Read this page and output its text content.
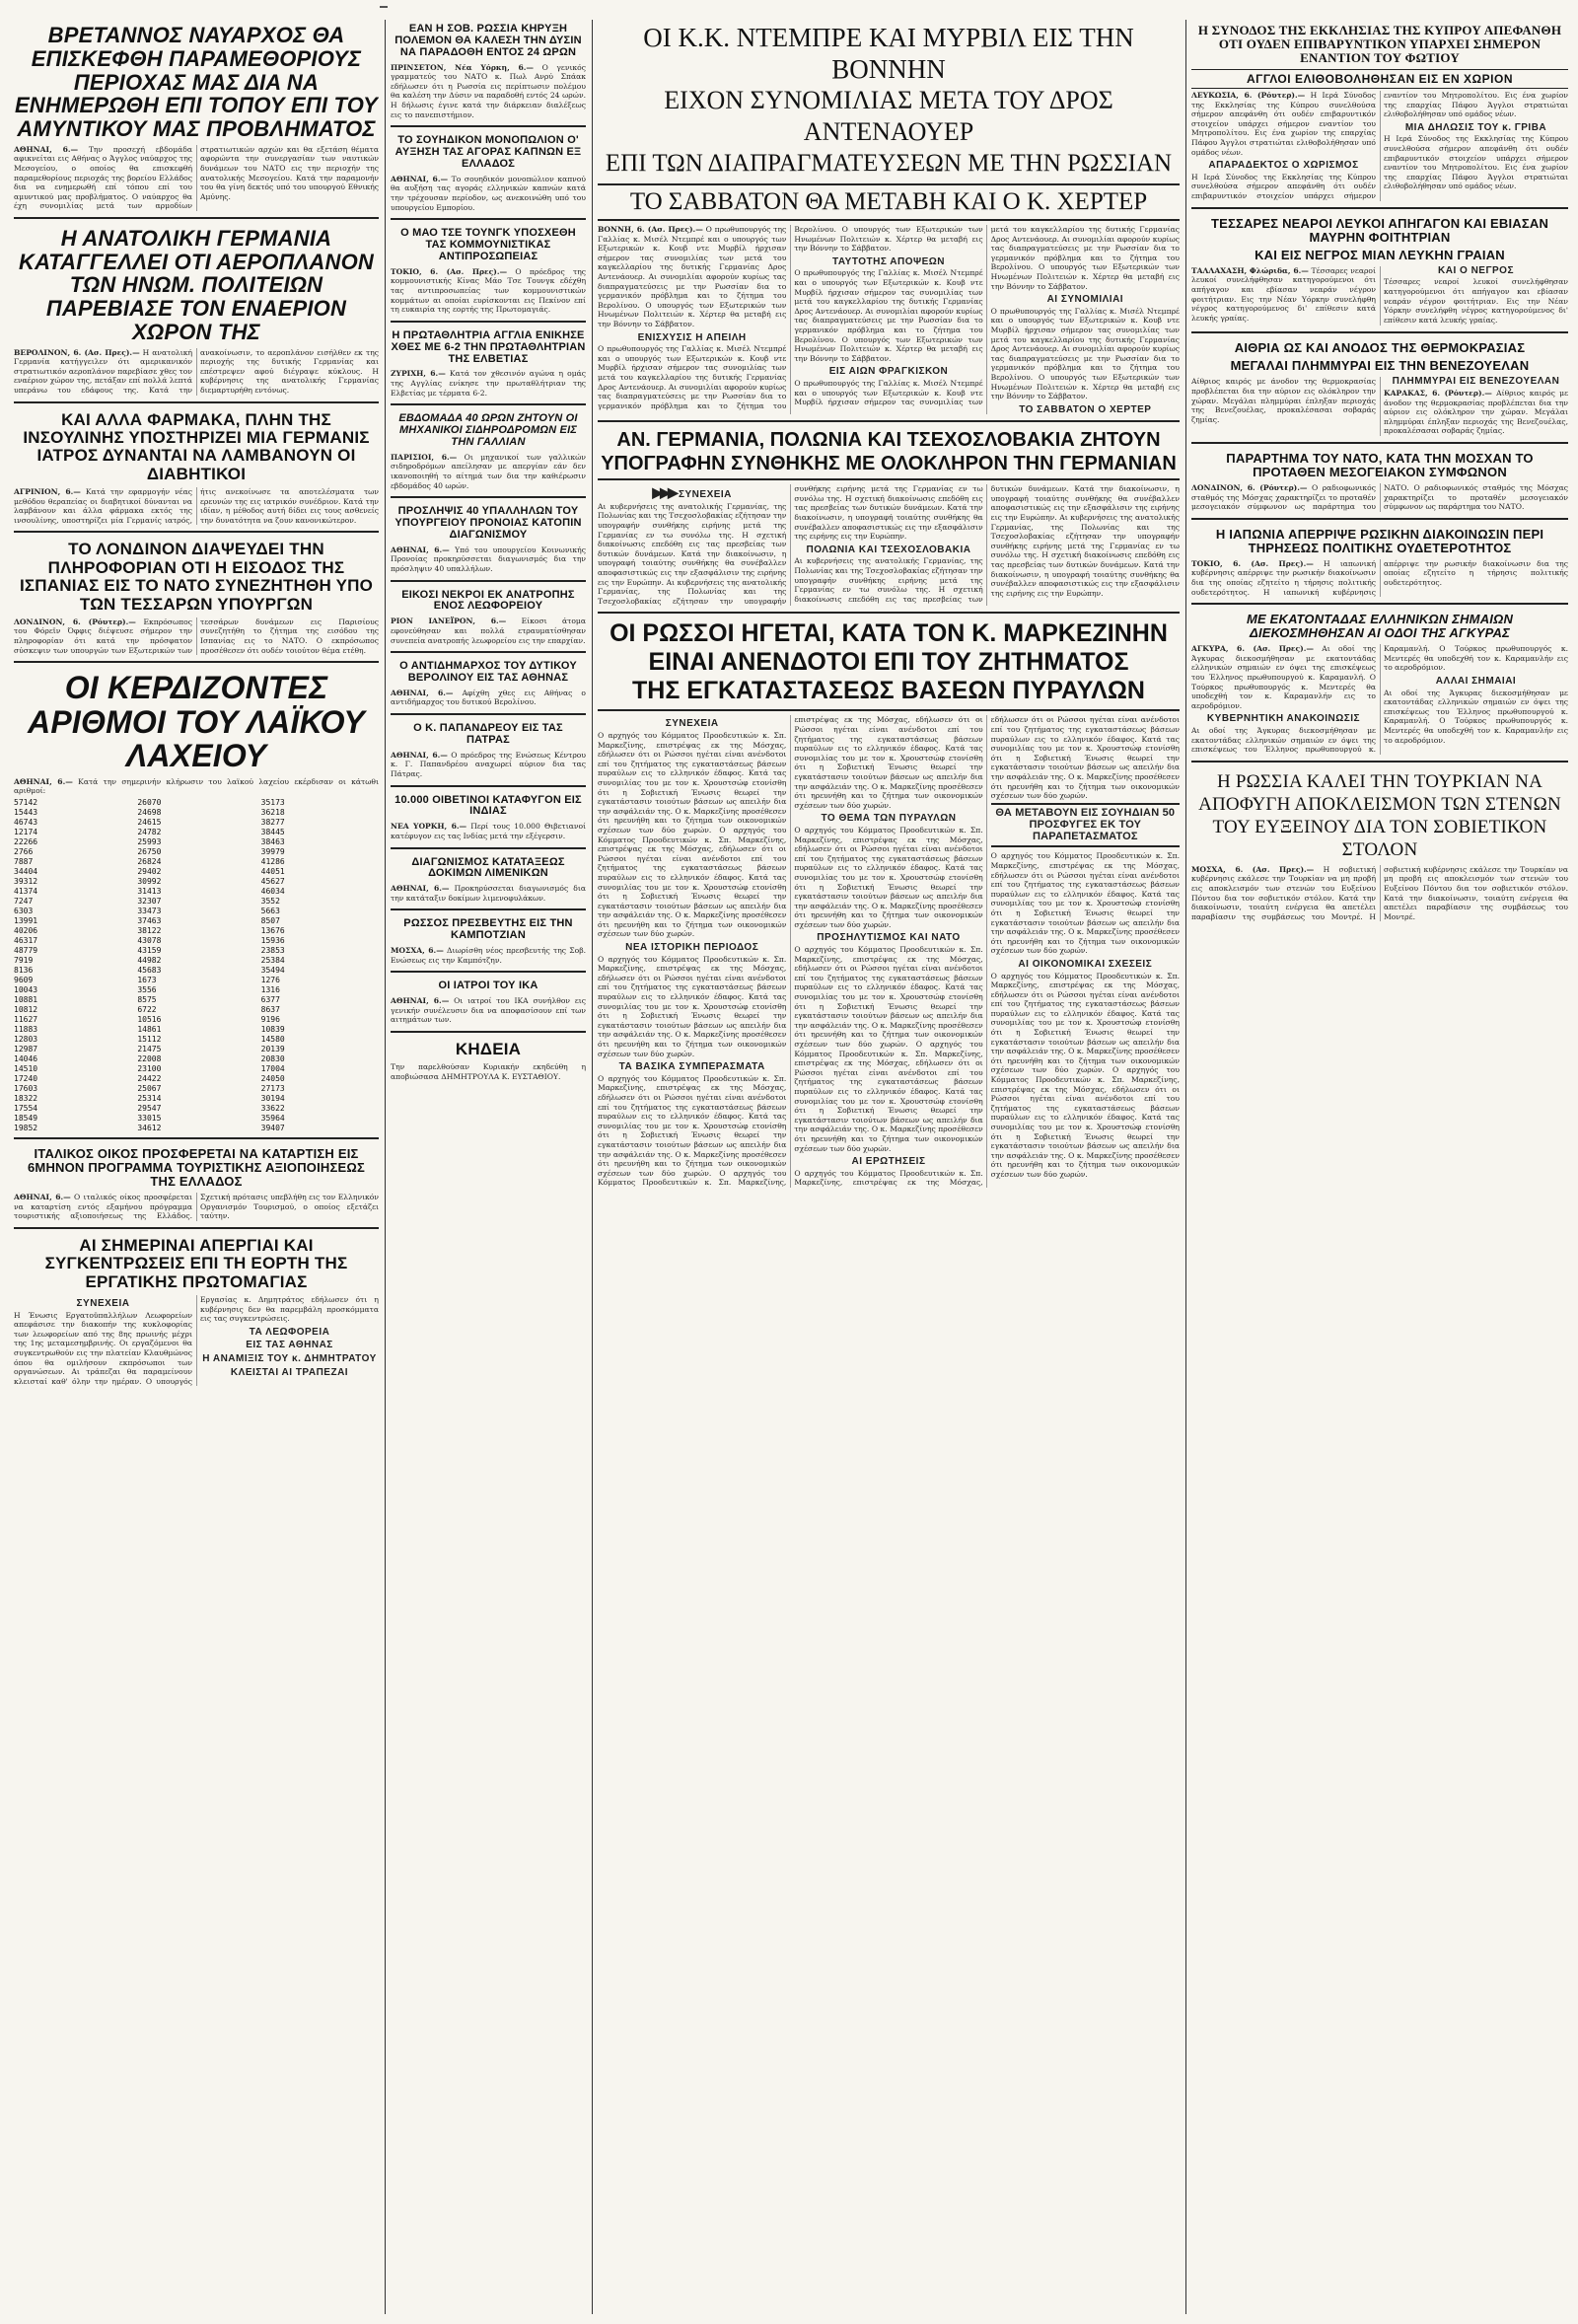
ΒΡΕΤΑΝΝΟΣ ΝΑΥΑΡΧΟΣ ΘΑ ΕΠΙΣΚΕΦΘΗ ΠΑΡΑΜΕΘΟΡΙΟΥΣ ΠΕΡΙΟΧΑΣ ΜΑΣ ΔΙΑ ΝΑ ΕΝΗΜΕΡΩΘΗ ΕΠΙ ΤΟΠΟΥ ΕΠΙ ΤΟΥ ΑΜΥΝΤΙΚΟΥ ΜΑΣ ΠΡΟΒΛΗΜΑΤΟΣ
ΑΘΗΝΑΙ, 6.— Την προσεχή εβδομάδα αφικνείται εις Αθήνας ο Άγγλος ναύαρχος της Μεσογείου, ο οποίος θα επισκεφθή παραμεθορίους περιοχάς της βορείου Ελλάδος δια να ενημερωθή επί τόπου επί του αμυντικού μας προβλήματος. Ο ναύαρχος θα έχη συνομιλίας μετά των αρμοδίων στρατιωτικών αρχών και θα εξετάση θέματα αφορώντα την συνεργασίαν των ναυτικών δυνάμεων του ΝΑΤΟ εις την περιοχήν της ανατολικής Μεσογείου. Κατά την παραμονήν του θα γίνη δεκτός υπό του υπουργού Εθνικής Αμύνης.
Η ΑΝΑΤΟΛΙΚΗ ΓΕΡΜΑΝΙΑ ΚΑΤΑΓΓΕΛΛΕΙ ΟΤΙ ΑΕΡΟΠΛΑΝΟΝ ΤΩΝ ΗΝΩΜ. ΠΟΛΙΤΕΙΩΝ ΠΑΡΕΒΙΑΣΕ ΤΟΝ ΕΝΑΕΡΙΟΝ ΧΩΡΟΝ ΤΗΣ
ΒΕΡΟΛΙΝΟΝ, 6. (Ασ. Πρες).— Η ανατολική Γερμανία κατήγγειλεν ότι αμερικανικόν στρατιωτικόν αεροπλάνον παρεβίασε χθες τον εναέριον χώρον της, πετάξαν επί πολλά λεπτά υπεράνω του εδάφους της. Κατά την ανακοίνωσιν, το αεροπλάνον εισήλθεν εκ της περιοχής της δυτικής Γερμανίας και επέστρεψεν αφού διέγραψε κύκλους. Η κυβέρνησις της ανατολικής Γερμανίας διεμαρτυρήθη εντόνως.
ΚΑΙ ΑΛΛΑ ΦΑΡΜΑΚΑ, ΠΛΗΝ ΤΗΣ ΙΝΣΟΥΛΙΝΗΣ ΥΠΟΣΤΗΡΙΖΕΙ ΜΙΑ ΓΕΡΜΑΝΙΣ ΙΑΤΡΟΣ ΔΥΝΑΝΤΑΙ ΝΑ ΛΑΜΒΑΝΟΥΝ ΟΙ ΔΙΑΒΗΤΙΚΟΙ
ΑΓΡΙΝΙΟΝ, 6.— Κατά την εφαρμογήν νέας μεθόδου θεραπείας οι διαβητικοί δύνανται να λαμβάνουν και άλλα φάρμακα εκτός της ινσουλίνης, υποστηρίζει μία Γερμανίς ιατρός, ήτις ανεκοίνωσε τα αποτελέσματα των ερευνών της εις ιατρικόν συνέδριον. Κατά την ιδίαν, η μέθοδος αυτή δίδει εις τους ασθενείς την δυνατότητα να ζουν κανονικώτερον.
ΤΟ ΛΟΝΔΙΝΟΝ ΔΙΑΨΕΥΔΕΙ ΤΗΝ ΠΛΗΡΟΦΟΡΙΑΝ ΟΤΙ Η ΕΙΣΟΔΟΣ ΤΗΣ ΙΣΠΑΝΙΑΣ ΕΙΣ ΤΟ ΝΑΤΟ ΣΥΝΕΖΗΤΗΘΗ ΥΠΟ ΤΩΝ ΤΕΣΣΑΡΩΝ ΥΠΟΥΡΓΩΝ
ΛΟΝΔΙΝΟΝ, 6. (Ρόυτερ).— Εκπρόσωπος του Φόρεϊν Όφφις διέψευσε σήμερον την πληροφορίαν ότι κατά την πρόσφατον σύσκεψιν των υπουργών των Εξωτερικών των τεσσάρων δυνάμεων εις Παρισίους συνεζητήθη το ζήτημα της εισόδου της Ισπανίας εις το ΝΑΤΟ. Ο εκπρόσωπος προσέθεσεν ότι ουδέν τοιούτον θέμα ετέθη.
ΟΙ ΚΕΡΔΙΖΟΝΤΕΣ ΑΡΙΘΜΟΙ ΤΟΥ ΛΑΪΚΟΥ ΛΑΧΕΙΟΥ
ΑΘΗΝΑΙ, 6.— Κατά την σημερινήν κλήρωσιν του λαϊκού λαχείου εκέρδισαν οι κάτωθι αριθμοί:
57142
15443
46743
12174
22266
2766
7887
34404
39312
41374
7247
6303
13991
40206
46317
48779
7919
8136
9609
10043
10881
10812
11627
11883
12803
12987
14046
14510
17240
17603
18322
17554
18549
19852
26070
24698
24615
24782
25993
26750
26824
29402
30992
31413
32307
33473
37463
38122
43078
43159
44982
45683
1673
3556
8575
6722
10516
14861
15112
21475
22008
23100
24422
25067
25314
29547
33015
34612
35173
36218
38277
38445
38463
39979
41286
44051
45627
46034
3552
5663
8507
13676
15936
23853
25384
35494
1276
1316
6377
8637
9196
10839
14580
20139
20830
17004
24050
27173
30194
33622
35964
39407
ΙΤΑΛΙΚΟΣ ΟΙΚΟΣ ΠΡΟΣΦΕΡΕΤΑΙ ΝΑ ΚΑΤΑΡΤΙΣΗ ΕΙΣ 6ΜΗΝΟΝ ΠΡΟΓΡΑΜΜΑ ΤΟΥΡΙΣΤΙΚΗΣ ΑΞΙΟΠΟΙΗΣΕΩΣ ΤΗΣ ΕΛΛΑΔΟΣ
ΑΘΗΝΑΙ, 6.— Ο ιταλικός οίκος προσφέρεται να καταρτίση εντός εξαμήνου πρόγραμμα τουριστικής αξιοποιήσεως της Ελλάδος. Σχετική πρότασις υπεβλήθη εις τον Ελληνικόν Οργανισμόν Τουρισμού, ο οποίος εξετάζει ταύτην.
ΑΙ ΣΗΜΕΡΙΝΑΙ ΑΠΕΡΓΙΑΙ ΚΑΙ ΣΥΓΚΕΝΤΡΩΣΕΙΣ ΕΠΙ ΤΗ ΕΟΡΤΗ ΤΗΣ ΕΡΓΑΤΙΚΗΣ ΠΡΩΤΟΜΑΓΙΑΣ
ΣΥΝΕΧΕΙΑ
Η Ένωσις Εργατοϋπαλλήλων Λεωφορείων απεφάσισε την διακοπήν της κυκλοφορίας των λεωφορείων από της 8ης πρωινής μέχρι της 1ης μεταμεσημβρινής. Οι εργαζόμενοι θα συγκεντρωθούν εις την πλατείαν Κλαυθμώνος όπου θα ομιλήσουν εκπρόσωποι των οργανώσεων. Αι τράπεζαι θα παραμείνουν κλεισταί καθ' όλην την ημέραν. Ο υπουργός Εργασίας κ. Δημητράτος εδήλωσεν ότι η κυβέρνησις δεν θα παρεμβάλη προσκόμματα εις τας συγκεντρώσεις.
ΤΑ ΛΕΩΦΟΡΕΙΑ
ΕΙΣ ΤΑΣ ΑΘΗΝΑΣ
Η ΑΝΑΜΙΞΙΣ ΤΟΥ κ. ΔΗΜΗΤΡΑΤΟΥ
ΚΛΕΙΣΤΑΙ ΑΙ ΤΡΑΠΕΖΑΙ
ΕΑΝ Η ΣΟΒ. ΡΩΣΣΙΑ ΚΗΡΥΞΗ ΠΟΛΕΜΟΝ ΘΑ ΚΑΛΕΣΗ ΤΗΝ ΔΥΣΙΝ ΝΑ ΠΑΡΑΔΟΘΗ ΕΝΤΟΣ 24 ΩΡΩΝ
ΠΡΙΝΣΕΤΟΝ, Νέα Υόρκη, 6.— Ο γενικός γραμματεύς του ΝΑΤΟ κ. Πωλ Ανρύ Σπάακ εδήλωσεν ότι η Ρωσσία εις περίπτωσιν πολέμου θα καλέση την Δύσιν να παραδοθή εντός 24 ωρών. Η δήλωσις έγινε κατά την διάρκειαν διαλέξεως εις το πανεπιστήμιον.
ΤΟ ΣΟΥΗΔΙΚΟΝ ΜΟΝΟΠΩΛΙΟΝ Ο' ΑΥΞΗΣΗ ΤΑΣ ΑΓΟΡΑΣ ΚΑΠΝΩΝ ΕΞ ΕΛΛΑΔΟΣ
ΑΘΗΝΑΙ, 6.— Το σουηδικόν μονοπώλιον καπνού θα αυξήση τας αγοράς ελληνικών καπνών κατά την τρέχουσαν περίοδον, ως ανεκοινώθη υπό του υπουργείου Εμπορίου.
Ο ΜΑΟ ΤΣΕ ΤΟΥΝΓΚ ΥΠΟΣΧΕΘΗ ΤΑΣ ΚΟΜΜΟΥΝΙΣΤΙΚΑΣ ΑΝΤΙΠΡΟΣΩΠΕΙΑΣ
ΤΟΚΙΟ, 6. (Ασ. Πρες).— Ο πρόεδρος της κομμουνιστικής Κίνας Μάο Τσε Τουνγκ εδέχθη τας αντιπροσωπείας των κομμουνιστικών κομμάτων αι οποίαι ευρίσκονται εις Πεκίνον επί τη ευκαιρία της εορτής της Πρωτομαγιάς.
Η ΠΡΩΤΑΘΛΗΤΡΙΑ ΑΓΓΛΙΑ ΕΝΙΚΗΣΕ ΧΘΕΣ ΜΕ 6-2 ΤΗΝ ΠΡΩΤΑΘΛΗΤΡΙΑΝ ΤΗΣ ΕΛΒΕΤΙΑΣ
ΖΥΡΙΧΗ, 6.— Κατά τον χθεσινόν αγώνα η ομάς της Αγγλίας ενίκησε την πρωταθλήτριαν της Ελβετίας με τέρματα 6-2.
ΕΒΔΟΜΑΔΑ 40 ΩΡΩΝ ΖΗΤΟΥΝ ΟΙ ΜΗΧΑΝΙΚΟΙ ΣΙΔΗΡΟΔΡΟΜΩΝ ΕΙΣ ΤΗΝ ΓΑΛΛΙΑΝ
ΠΑΡΙΣΙΟΙ, 6.— Οι μηχανικοί των γαλλικών σιδηροδρόμων απείλησαν με απεργίαν εάν δεν ικανοποιηθή το αίτημά των δια την καθιέρωσιν εβδομάδος 40 ωρών.
ΠΡΟΣΛΗΨΙΣ 40 ΥΠΑΛΛΗΛΩΝ ΤΟΥ ΥΠΟΥΡΓΕΙΟΥ ΠΡΟΝΟΙΑΣ ΚΑΤΟΠΙΝ ΔΙΑΓΩΝΙΣΜΟΥ
ΑΘΗΝΑΙ, 6.— Υπό του υπουργείου Κοινωνικής Προνοίας προκηρύσσεται διαγωνισμός δια την πρόσληψιν 40 υπαλλήλων.
ΕΙΚΟΣΙ ΝΕΚΡΟΙ ΕΚ ΑΝΑΤΡΟΠΗΣ ΕΝΟΣ ΛΕΩΦΟΡΕΙΟΥ
ΡΙΟΝ ΙΑΝΕΪΡΟΝ, 6.— Είκοσι άτομα εφονεύθησαν και πολλά ετραυματίσθησαν συνεπεία ανατροπής λεωφορείου εις την επαρχίαν.
Ο ΑΝΤΙΔΗΜΑΡΧΟΣ ΤΟΥ ΔΥΤΙΚΟΥ ΒΕΡΟΛΙΝΟΥ ΕΙΣ ΤΑΣ ΑΘΗΝΑΣ
ΑΘΗΝΑΙ, 6.— Αφίχθη χθες εις Αθήνας ο αντιδήμαρχος του δυτικού Βερολίνου.
Ο Κ. ΠΑΠΑΝΔΡΕΟΥ ΕΙΣ ΤΑΣ ΠΑΤΡΑΣ
ΑΘΗΝΑΙ, 6.— Ο πρόεδρος της Ενώσεως Κέντρου κ. Γ. Παπανδρέου αναχωρεί αύριον δια τας Πάτρας.
10.000 ΟΙΒΕΤΙΝΟΙ ΚΑΤΑΦΥΓΟΝ ΕΙΣ ΙΝΔΙΑΣ
ΝΕΑ ΥΟΡΚΗ, 6.— Περί τους 10.000 Θιβετιανοί κατέφυγον εις τας Ινδίας μετά την εξέγερσιν.
ΔΙΑΓΩΝΙΣΜΟΣ ΚΑΤΑΤΑΞΕΩΣ ΔΟΚΙΜΩΝ ΛΙΜΕΝΙΚΩΝ
ΑΘΗΝΑΙ, 6.— Προκηρύσσεται διαγωνισμός δια την κατάταξιν δοκίμων λιμενοφυλάκων.
ΡΩΣΣΟΣ ΠΡΕΣΒΕΥΤΗΣ ΕΙΣ ΤΗΝ ΚΑΜΠΟΤΖΙΑΝ
ΜΟΣΧΑ, 6.— Διωρίσθη νέος πρεσβευτής της Σοβ. Ενώσεως εις την Καμπότζην.
ΟΙ ΙΑΤΡΟΙ ΤΟΥ ΙΚΑ
ΑΘΗΝΑΙ, 6.— Οι ιατροί του ΙΚΑ συνήλθον εις γενικήν συνέλευσιν δια να αποφασίσουν επί των αιτημάτων των.
ΚΗΔΕΙΑ
Την παρελθούσαν Κυριακήν εκηδεύθη η αποβιώσασα ΔΗΜΗΤΡΟΥΛΑ Κ. ΕΥΣΤΑΘΙΟΥ.
ΟΙ Κ.Κ. ΝΤΕΜΠΡΕ ΚΑΙ ΜΥΡΒΙΛ ΕΙΣ ΤΗΝ ΒΟΝΝΗΝ
ΕΙΧΟΝ ΣΥΝΟΜΙΛΙΑΣ ΜΕΤΑ ΤΟΥ ΔΡΟΣ ΑΝΤΕΝΑΟΥΕΡ
ΕΠΙ ΤΩΝ ΔΙΑΠΡΑΓΜΑΤΕΥΣΕΩΝ ΜΕ ΤΗΝ ΡΩΣΣΙΑΝ
ΤΟ ΣΑΒΒΑΤΟΝ ΘΑ ΜΕΤΑΒΗ ΚΑΙ Ο Κ. ΧΕΡΤΕΡ
ΒΟΝΝΗ, 6. (Ασ. Πρες).— Ο πρωθυπουργός της Γαλλίας κ. Μισέλ Ντεμπρέ και ο υπουργός των Εξωτερικών κ. Κουβ ντε Μυρβίλ ήρχισαν σήμερον τας συνομιλίας των μετά του καγκελλαρίου της δυτικής Γερμανίας Δρος Αντενάουερ. Αι συνομιλίαι αφορούν κυρίως τας διαπραγματεύσεις με την Ρωσσίαν δια το γερμανικόν πρόβλημα και το ζήτημα του Βερολίνου. Ο υπουργός των Εξωτερικών των Ηνωμένων Πολιτειών κ. Χέρτερ θα μεταβή εις την Βόννην το Σάββατον.
ΕΝΙΣΧΥΣΙΣ Η ΑΠΕΙΛΗ
Ο πρωθυπουργός της Γαλλίας κ. Μισέλ Ντεμπρέ και ο υπουργός των Εξωτερικών κ. Κουβ ντε Μυρβίλ ήρχισαν σήμερον τας συνομιλίας των μετά του καγκελλαρίου της δυτικής Γερμανίας Δρος Αντενάουερ. Αι συνομιλίαι αφορούν κυρίως τας διαπραγματεύσεις με την Ρωσσίαν δια το γερμανικόν πρόβλημα και το ζήτημα του Βερολίνου. Ο υπουργός των Εξωτερικών των Ηνωμένων Πολιτειών κ. Χέρτερ θα μεταβή εις την Βόννην το Σάββατον.
ΤΑΥΤΟΤΗΣ ΑΠΟΨΕΩΝ
Ο πρωθυπουργός της Γαλλίας κ. Μισέλ Ντεμπρέ και ο υπουργός των Εξωτερικών κ. Κουβ ντε Μυρβίλ ήρχισαν σήμερον τας συνομιλίας των μετά του καγκελλαρίου της δυτικής Γερμανίας Δρος Αντενάουερ. Αι συνομιλίαι αφορούν κυρίως τας διαπραγματεύσεις με την Ρωσσίαν δια το γερμανικόν πρόβλημα και το ζήτημα του Βερολίνου. Ο υπουργός των Εξωτερικών των Ηνωμένων Πολιτειών κ. Χέρτερ θα μεταβή εις την Βόννην το Σάββατον.
ΕΙΣ ΑΙΩΝ ΦΡΑΓΚΙΣΚΟΝ
Ο πρωθυπουργός της Γαλλίας κ. Μισέλ Ντεμπρέ και ο υπουργός των Εξωτερικών κ. Κουβ ντε Μυρβίλ ήρχισαν σήμερον τας συνομιλίας των μετά του καγκελλαρίου της δυτικής Γερμανίας Δρος Αντενάουερ. Αι συνομιλίαι αφορούν κυρίως τας διαπραγματεύσεις με την Ρωσσίαν δια το γερμανικόν πρόβλημα και το ζήτημα του Βερολίνου. Ο υπουργός των Εξωτερικών των Ηνωμένων Πολιτειών κ. Χέρτερ θα μεταβή εις την Βόννην το Σάββατον.
ΑΙ ΣΥΝΟΜΙΛΙΑΙ
Ο πρωθυπουργός της Γαλλίας κ. Μισέλ Ντεμπρέ και ο υπουργός των Εξωτερικών κ. Κουβ ντε Μυρβίλ ήρχισαν σήμερον τας συνομιλίας των μετά του καγκελλαρίου της δυτικής Γερμανίας Δρος Αντενάουερ. Αι συνομιλίαι αφορούν κυρίως τας διαπραγματεύσεις με την Ρωσσίαν δια το γερμανικόν πρόβλημα και το ζήτημα του Βερολίνου. Ο υπουργός των Εξωτερικών των Ηνωμένων Πολιτειών κ. Χέρτερ θα μεταβή εις την Βόννην το Σάββατον.
ΤΟ ΣΑΒΒΑΤΟΝ Ο ΧΕΡΤΕΡ
ΑΝ. ΓΕΡΜΑΝΙΑ, ΠΟΛΩΝΙΑ ΚΑΙ ΤΣΕΧΟΣΛΟΒΑΚΙΑ ΖΗΤΟΥΝ
ΥΠΟΓΡΑΦΗΝ ΣΥΝΘΗΚΗΣ ΜΕ ΟΛΟΚΛΗΡΟΝ ΤΗΝ ΓΕΡΜΑΝΙΑΝ
▶▶▶ ΣΥΝΕΧΕΙΑ
Αι κυβερνήσεις της ανατολικής Γερμανίας, της Πολωνίας και της Τσεχοσλοβακίας εζήτησαν την υπογραφήν συνθήκης ειρήνης μετά της Γερμανίας εν τω συνόλω της. Η σχετική διακοίνωσις επεδόθη εις τας πρεσβείας των δυτικών δυνάμεων. Κατά την διακοίνωσιν, η υπογραφή τοιαύτης συνθήκης θα συνέβαλλεν αποφασιστικώς εις την εξασφάλισιν της ειρήνης εις την Ευρώπην. Αι κυβερνήσεις της ανατολικής Γερμανίας, της Πολωνίας και της Τσεχοσλοβακίας εζήτησαν την υπογραφήν συνθήκης ειρήνης μετά της Γερμανίας εν τω συνόλω της. Η σχετική διακοίνωσις επεδόθη εις τας πρεσβείας των δυτικών δυνάμεων. Κατά την διακοίνωσιν, η υπογραφή τοιαύτης συνθήκης θα συνέβαλλεν αποφασιστικώς εις την εξασφάλισιν της ειρήνης εις την Ευρώπην.
ΠΟΛΩΝΙΑ ΚΑΙ ΤΣΕΧΟΣΛΟΒΑΚΙΑ
Αι κυβερνήσεις της ανατολικής Γερμανίας, της Πολωνίας και της Τσεχοσλοβακίας εζήτησαν την υπογραφήν συνθήκης ειρήνης μετά της Γερμανίας εν τω συνόλω της. Η σχετική διακοίνωσις επεδόθη εις τας πρεσβείας των δυτικών δυνάμεων. Κατά την διακοίνωσιν, η υπογραφή τοιαύτης συνθήκης θα συνέβαλλεν αποφασιστικώς εις την εξασφάλισιν της ειρήνης εις την Ευρώπην. Αι κυβερνήσεις της ανατολικής Γερμανίας, της Πολωνίας και της Τσεχοσλοβακίας εζήτησαν την υπογραφήν συνθήκης ειρήνης μετά της Γερμανίας εν τω συνόλω της. Η σχετική διακοίνωσις επεδόθη εις τας πρεσβείας των δυτικών δυνάμεων. Κατά την διακοίνωσιν, η υπογραφή τοιαύτης συνθήκης θα συνέβαλλεν αποφασιστικώς εις την εξασφάλισιν της ειρήνης εις την Ευρώπην.
ΟΙ ΡΩΣΣΟΙ ΗΓΕΤΑΙ, ΚΑΤΑ ΤΟΝ Κ. ΜΑΡΚΕΖΙΝΗΝ
ΕΙΝΑΙ ΑΝΕΝΔΟΤΟΙ ΕΠΙ ΤΟΥ ΖΗΤΗΜΑΤΟΣ
ΤΗΣ ΕΓΚΑΤΑΣΤΑΣΕΩΣ ΒΑΣΕΩΝ ΠΥΡΑΥΛΩΝ
ΣΥΝΕΧΕΙΑ
Ο αρχηγός του Κόμματος Προοδευτικών κ. Σπ. Μαρκεζίνης, επιστρέψας εκ της Μόσχας, εδήλωσεν ότι οι Ρώσσοι ηγέται είναι ανένδοτοι επί του ζητήματος της εγκαταστάσεως βάσεων πυραύλων εις το ελληνικόν έδαφος. Κατά τας συνομιλίας του με τον κ. Χρουστσώφ ετονίσθη ότι η Σοβιετική Ένωσις θεωρεί την εγκατάστασιν τοιούτων βάσεων ως απειλήν δια την ασφάλειάν της. Ο κ. Μαρκεζίνης προσέθεσεν ότι ηρευνήθη και το ζήτημα των οικονομικών σχέσεων των δύο χωρών. Ο αρχηγός του Κόμματος Προοδευτικών κ. Σπ. Μαρκεζίνης, επιστρέψας εκ της Μόσχας, εδήλωσεν ότι οι Ρώσσοι ηγέται είναι ανένδοτοι επί του ζητήματος της εγκαταστάσεως βάσεων πυραύλων εις το ελληνικόν έδαφος. Κατά τας συνομιλίας του με τον κ. Χρουστσώφ ετονίσθη ότι η Σοβιετική Ένωσις θεωρεί την εγκατάστασιν τοιούτων βάσεων ως απειλήν δια την ασφάλειάν της. Ο κ. Μαρκεζίνης προσέθεσεν ότι ηρευνήθη και το ζήτημα των οικονομικών σχέσεων των δύο χωρών.
ΝΕΑ ΙΣΤΟΡΙΚΗ ΠΕΡΙΟΔΟΣ
Ο αρχηγός του Κόμματος Προοδευτικών κ. Σπ. Μαρκεζίνης, επιστρέψας εκ της Μόσχας, εδήλωσεν ότι οι Ρώσσοι ηγέται είναι ανένδοτοι επί του ζητήματος της εγκαταστάσεως βάσεων πυραύλων εις το ελληνικόν έδαφος. Κατά τας συνομιλίας του με τον κ. Χρουστσώφ ετονίσθη ότι η Σοβιετική Ένωσις θεωρεί την εγκατάστασιν τοιούτων βάσεων ως απειλήν δια την ασφάλειάν της. Ο κ. Μαρκεζίνης προσέθεσεν ότι ηρευνήθη και το ζήτημα των οικονομικών σχέσεων των δύο χωρών.
ΤΑ ΒΑΣΙΚΑ ΣΥΜΠΕΡΑΣΜΑΤΑ
Ο αρχηγός του Κόμματος Προοδευτικών κ. Σπ. Μαρκεζίνης, επιστρέψας εκ της Μόσχας, εδήλωσεν ότι οι Ρώσσοι ηγέται είναι ανένδοτοι επί του ζητήματος της εγκαταστάσεως βάσεων πυραύλων εις το ελληνικόν έδαφος. Κατά τας συνομιλίας του με τον κ. Χρουστσώφ ετονίσθη ότι η Σοβιετική Ένωσις θεωρεί την εγκατάστασιν τοιούτων βάσεων ως απειλήν δια την ασφάλειάν της. Ο κ. Μαρκεζίνης προσέθεσεν ότι ηρευνήθη και το ζήτημα των οικονομικών σχέσεων των δύο χωρών. Ο αρχηγός του Κόμματος Προοδευτικών κ. Σπ. Μαρκεζίνης, επιστρέψας εκ της Μόσχας, εδήλωσεν ότι οι Ρώσσοι ηγέται είναι ανένδοτοι επί του ζητήματος της εγκαταστάσεως βάσεων πυραύλων εις το ελληνικόν έδαφος. Κατά τας συνομιλίας του με τον κ. Χρουστσώφ ετονίσθη ότι η Σοβιετική Ένωσις θεωρεί την εγκατάστασιν τοιούτων βάσεων ως απειλήν δια την ασφάλειάν της. Ο κ. Μαρκεζίνης προσέθεσεν ότι ηρευνήθη και το ζήτημα των οικονομικών σχέσεων των δύο χωρών.
ΤΟ ΘΕΜΑ ΤΩΝ ΠΥΡΑΥΛΩΝ
Ο αρχηγός του Κόμματος Προοδευτικών κ. Σπ. Μαρκεζίνης, επιστρέψας εκ της Μόσχας, εδήλωσεν ότι οι Ρώσσοι ηγέται είναι ανένδοτοι επί του ζητήματος της εγκαταστάσεως βάσεων πυραύλων εις το ελληνικόν έδαφος. Κατά τας συνομιλίας του με τον κ. Χρουστσώφ ετονίσθη ότι η Σοβιετική Ένωσις θεωρεί την εγκατάστασιν τοιούτων βάσεων ως απειλήν δια την ασφάλειάν της. Ο κ. Μαρκεζίνης προσέθεσεν ότι ηρευνήθη και το ζήτημα των οικονομικών σχέσεων των δύο χωρών.
ΠΡΟΣΗΛΥΤΙΣΜΟΣ ΚΑΙ ΝΑΤΟ
Ο αρχηγός του Κόμματος Προοδευτικών κ. Σπ. Μαρκεζίνης, επιστρέψας εκ της Μόσχας, εδήλωσεν ότι οι Ρώσσοι ηγέται είναι ανένδοτοι επί του ζητήματος της εγκαταστάσεως βάσεων πυραύλων εις το ελληνικόν έδαφος. Κατά τας συνομιλίας του με τον κ. Χρουστσώφ ετονίσθη ότι η Σοβιετική Ένωσις θεωρεί την εγκατάστασιν τοιούτων βάσεων ως απειλήν δια την ασφάλειάν της. Ο κ. Μαρκεζίνης προσέθεσεν ότι ηρευνήθη και το ζήτημα των οικονομικών σχέσεων των δύο χωρών. Ο αρχηγός του Κόμματος Προοδευτικών κ. Σπ. Μαρκεζίνης, επιστρέψας εκ της Μόσχας, εδήλωσεν ότι οι Ρώσσοι ηγέται είναι ανένδοτοι επί του ζητήματος της εγκαταστάσεως βάσεων πυραύλων εις το ελληνικόν έδαφος. Κατά τας συνομιλίας του με τον κ. Χρουστσώφ ετονίσθη ότι η Σοβιετική Ένωσις θεωρεί την εγκατάστασιν τοιούτων βάσεων ως απειλήν δια την ασφάλειάν της. Ο κ. Μαρκεζίνης προσέθεσεν ότι ηρευνήθη και το ζήτημα των οικονομικών σχέσεων των δύο χωρών.
ΑΙ ΕΡΩΤΗΣΕΙΣ
Ο αρχηγός του Κόμματος Προοδευτικών κ. Σπ. Μαρκεζίνης, επιστρέψας εκ της Μόσχας, εδήλωσεν ότι οι Ρώσσοι ηγέται είναι ανένδοτοι επί του ζητήματος της εγκαταστάσεως βάσεων πυραύλων εις το ελληνικόν έδαφος. Κατά τας συνομιλίας του με τον κ. Χρουστσώφ ετονίσθη ότι η Σοβιετική Ένωσις θεωρεί την εγκατάστασιν τοιούτων βάσεων ως απειλήν δια την ασφάλειάν της. Ο κ. Μαρκεζίνης προσέθεσεν ότι ηρευνήθη και το ζήτημα των οικονομικών σχέσεων των δύο χωρών.
ΘΑ ΜΕΤΑΒΟΥΝ ΕΙΣ ΣΟΥΗΔΙΑΝ 50 ΠΡΟΣΦΥΓΕΣ ΕΚ ΤΟΥ ΠΑΡΑΠΕΤΑΣΜΑΤΟΣ
Ο αρχηγός του Κόμματος Προοδευτικών κ. Σπ. Μαρκεζίνης, επιστρέψας εκ της Μόσχας, εδήλωσεν ότι οι Ρώσσοι ηγέται είναι ανένδοτοι επί του ζητήματος της εγκαταστάσεως βάσεων πυραύλων εις το ελληνικόν έδαφος. Κατά τας συνομιλίας του με τον κ. Χρουστσώφ ετονίσθη ότι η Σοβιετική Ένωσις θεωρεί την εγκατάστασιν τοιούτων βάσεων ως απειλήν δια την ασφάλειάν της. Ο κ. Μαρκεζίνης προσέθεσεν ότι ηρευνήθη και το ζήτημα των οικονομικών σχέσεων των δύο χωρών.
ΑΙ ΟΙΚΟΝΟΜΙΚΑΙ ΣΧΕΣΕΙΣ
Ο αρχηγός του Κόμματος Προοδευτικών κ. Σπ. Μαρκεζίνης, επιστρέψας εκ της Μόσχας, εδήλωσεν ότι οι Ρώσσοι ηγέται είναι ανένδοτοι επί του ζητήματος της εγκαταστάσεως βάσεων πυραύλων εις το ελληνικόν έδαφος. Κατά τας συνομιλίας του με τον κ. Χρουστσώφ ετονίσθη ότι η Σοβιετική Ένωσις θεωρεί την εγκατάστασιν τοιούτων βάσεων ως απειλήν δια την ασφάλειάν της. Ο κ. Μαρκεζίνης προσέθεσεν ότι ηρευνήθη και το ζήτημα των οικονομικών σχέσεων των δύο χωρών. Ο αρχηγός του Κόμματος Προοδευτικών κ. Σπ. Μαρκεζίνης, επιστρέψας εκ της Μόσχας, εδήλωσεν ότι οι Ρώσσοι ηγέται είναι ανένδοτοι επί του ζητήματος της εγκαταστάσεως βάσεων πυραύλων εις το ελληνικόν έδαφος. Κατά τας συνομιλίας του με τον κ. Χρουστσώφ ετονίσθη ότι η Σοβιετική Ένωσις θεωρεί την εγκατάστασιν τοιούτων βάσεων ως απειλήν δια την ασφάλειάν της. Ο κ. Μαρκεζίνης προσέθεσεν ότι ηρευνήθη και το ζήτημα των οικονομικών σχέσεων των δύο χωρών.
Η ΣΥΝΟΔΟΣ ΤΗΣ ΕΚΚΛΗΣΙΑΣ ΤΗΣ ΚΥΠΡΟΥ ΑΠΕΦΑΝΘΗ ΟΤΙ ΟΥΔΕΝ ΕΠΙΒΑΡΥΝΤΙΚΟΝ ΥΠΑΡΧΕΙ ΣΗΜΕΡΟΝ ΕΝΑΝΤΙΟΝ ΤΟΥ ΦΩΤΙΟΥ
ΑΓΓΛΟΙ ΕΛΙΘΟΒΟΛΗΘΗΣΑΝ ΕΙΣ ΕΝ ΧΩΡΙΟΝ
ΛΕΥΚΩΣΙΑ, 6. (Ρόυτερ).— Η Ιερά Σύνοδος της Εκκλησίας της Κύπρου συνελθούσα σήμερον απεφάνθη ότι ουδέν επιβαρυντικόν στοιχείον υπάρχει σήμερον εναντίον του Μητροπολίτου. Εις ένα χωρίον της επαρχίας Πάφου Άγγλοι στρατιώται ελιθοβολήθησαν υπό ομάδος νέων.
ΑΠΑΡΑΔΕΚΤΟΣ Ο ΧΩΡΙΣΜΟΣ
Η Ιερά Σύνοδος της Εκκλησίας της Κύπρου συνελθούσα σήμερον απεφάνθη ότι ουδέν επιβαρυντικόν στοιχείον υπάρχει σήμερον εναντίον του Μητροπολίτου. Εις ένα χωρίον της επαρχίας Πάφου Άγγλοι στρατιώται ελιθοβολήθησαν υπό ομάδος νέων.
ΜΙΑ ΔΗΛΩΣΙΣ ΤΟΥ κ. ΓΡΙΒΑ
Η Ιερά Σύνοδος της Εκκλησίας της Κύπρου συνελθούσα σήμερον απεφάνθη ότι ουδέν επιβαρυντικόν στοιχείον υπάρχει σήμερον εναντίον του Μητροπολίτου. Εις ένα χωρίον της επαρχίας Πάφου Άγγλοι στρατιώται ελιθοβολήθησαν υπό ομάδος νέων.
ΤΕΣΣΑΡΕΣ ΝΕΑΡΟΙ ΛΕΥΚΟΙ ΑΠΗΓΑΓΟΝ ΚΑΙ ΕΒΙΑΣΑΝ ΜΑΥΡΗΝ ΦΟΙΤΗΤΡΙΑΝ
ΚΑΙ ΕΙΣ ΝΕΓΡΟΣ ΜΙΑΝ ΛΕΥΚΗΝ ΓΡΑΙΑΝ
ΤΑΛΛΑΧΑΣΗ, Φλώριδα, 6.— Τέσσαρες νεαροί λευκοί συνελήφθησαν κατηγορούμενοι ότι απήγαγον και εβίασαν νεαράν νέγρον φοιτήτριαν. Εις την Νέαν Υόρκην συνελήφθη νέγρος κατηγορούμενος δι' επίθεσιν κατά λευκής γραίας.
ΚΑΙ Ο ΝΕΓΡΟΣ
Τέσσαρες νεαροί λευκοί συνελήφθησαν κατηγορούμενοι ότι απήγαγον και εβίασαν νεαράν νέγρον φοιτήτριαν. Εις την Νέαν Υόρκην συνελήφθη νέγρος κατηγορούμενος δι' επίθεσιν κατά λευκής γραίας.
ΑΙΘΡΙΑ ΩΣ ΚΑΙ ΑΝΟΔΟΣ ΤΗΣ ΘΕΡΜΟΚΡΑΣΙΑΣ
ΜΕΓΑΛΑΙ ΠΛΗΜΜΥΡΑΙ ΕΙΣ ΤΗΝ ΒΕΝΕΖΟΥΕΛΑΝ
Αίθριος καιρός με άνοδον της θερμοκρασίας προβλέπεται δια την αύριον εις ολόκληρον την χώραν. Μεγάλαι πλημμύραι έπληξαν περιοχάς της Βενεζουέλας, προκαλέσασαι σοβαράς ζημίας.
ΠΛΗΜΜΥΡΑΙ ΕΙΣ ΒΕΝΕΖΟΥΕΛΑΝ
ΚΑΡΑΚΑΣ, 6. (Ρόυτερ).— Αίθριος καιρός με άνοδον της θερμοκρασίας προβλέπεται δια την αύριον εις ολόκληρον την χώραν. Μεγάλαι πλημμύραι έπληξαν περιοχάς της Βενεζουέλας, προκαλέσασαι σοβαράς ζημίας.
ΠΑΡΑΡΤΗΜΑ ΤΟΥ ΝΑΤΟ, ΚΑΤΑ ΤΗΝ ΜΟΣΧΑΝ ΤΟ ΠΡΟΤΑΘΕΝ ΜΕΣΟΓΕΙΑΚΟΝ ΣΥΜΦΩΝΟΝ
ΛΟΝΔΙΝΟΝ, 6. (Ρόυτερ).— Ο ραδιοφωνικός σταθμός της Μόσχας χαρακτηρίζει το προταθέν μεσογειακόν σύμφωνον ως παράρτημα του ΝΑΤΟ. Ο ραδιοφωνικός σταθμός της Μόσχας χαρακτηρίζει το προταθέν μεσογειακόν σύμφωνον ως παράρτημα του ΝΑΤΟ.
Η ΙΑΠΩΝΙΑ ΑΠΕΡΡΙΨΕ ΡΩΣΙΚΗΝ ΔΙΑΚΟΙΝΩΣΙΝ ΠΕΡΙ ΤΗΡΗΣΕΩΣ ΠΟΛΙΤΙΚΗΣ ΟΥΔΕΤΕΡΟΤΗΤΟΣ
ΤΟΚΙΟ, 6. (Ασ. Πρες).— Η ιαπωνική κυβέρνησις απέρριψε την ρωσικήν διακοίνωσιν δια της οποίας εζητείτο η τήρησις πολιτικής ουδετερότητος. Η ιαπωνική κυβέρνησις απέρριψε την ρωσικήν διακοίνωσιν δια της οποίας εζητείτο η τήρησις πολιτικής ουδετερότητος.
ΜΕ ΕΚΑΤΟΝΤΑΔΑΣ ΕΛΛΗΝΙΚΩΝ ΣΗΜΑΙΩΝ ΔΙΕΚΟΣΜΗΘΗΣΑΝ ΑΙ ΟΔΟΙ ΤΗΣ ΑΓΚΥΡΑΣ
ΑΓΚΥΡΑ, 6. (Ασ. Πρες).— Αι οδοί της Άγκυρας διεκοσμήθησαν με εκατοντάδας ελληνικών σημαιών εν όψει της επισκέψεως του Έλληνος πρωθυπουργού κ. Καραμανλή. Ο Τούρκος πρωθυπουργός κ. Μεντερές θα υποδεχθή τον κ. Καραμανλήν εις το αεροδρόμιον.
ΚΥΒΕΡΝΗΤΙΚΗ ΑΝΑΚΟΙΝΩΣΙΣ
Αι οδοί της Άγκυρας διεκοσμήθησαν με εκατοντάδας ελληνικών σημαιών εν όψει της επισκέψεως του Έλληνος πρωθυπουργού κ. Καραμανλή. Ο Τούρκος πρωθυπουργός κ. Μεντερές θα υποδεχθή τον κ. Καραμανλήν εις το αεροδρόμιον.
ΑΛΛΑΙ ΣΗΜΑΙΑΙ
Αι οδοί της Άγκυρας διεκοσμήθησαν με εκατοντάδας ελληνικών σημαιών εν όψει της επισκέψεως του Έλληνος πρωθυπουργού κ. Καραμανλή. Ο Τούρκος πρωθυπουργός κ. Μεντερές θα υποδεχθή τον κ. Καραμανλήν εις το αεροδρόμιον.
Η ΡΩΣΣΙΑ ΚΑΛΕΙ ΤΗΝ ΤΟΥΡΚΙΑΝ ΝΑ ΑΠΟΦΥΓΗ ΑΠΟΚΛΕΙΣΜΟΝ ΤΩΝ ΣΤΕΝΩΝ ΤΟΥ ΕΥΞΕΙΝΟΥ ΔΙΑ ΤΟΝ ΣΟΒΙΕΤΙΚΟΝ ΣΤΟΛΟΝ
ΜΟΣΧΑ, 6. (Ασ. Πρες).— Η σοβιετική κυβέρνησις εκάλεσε την Τουρκίαν να μη προβή εις αποκλεισμόν των στενών του Ευξείνου Πόντου δια τον σοβιετικόν στόλον. Κατά την διακοίνωσιν, τοιαύτη ενέργεια θα απετέλει παραβίασιν της συμβάσεως του Μοντρέ. Η σοβιετική κυβέρνησις εκάλεσε την Τουρκίαν να μη προβή εις αποκλεισμόν των στενών του Ευξείνου Πόντου δια τον σοβιετικόν στόλον. Κατά την διακοίνωσιν, τοιαύτη ενέργεια θα απετέλει παραβίασιν της συμβάσεως του Μοντρέ.
